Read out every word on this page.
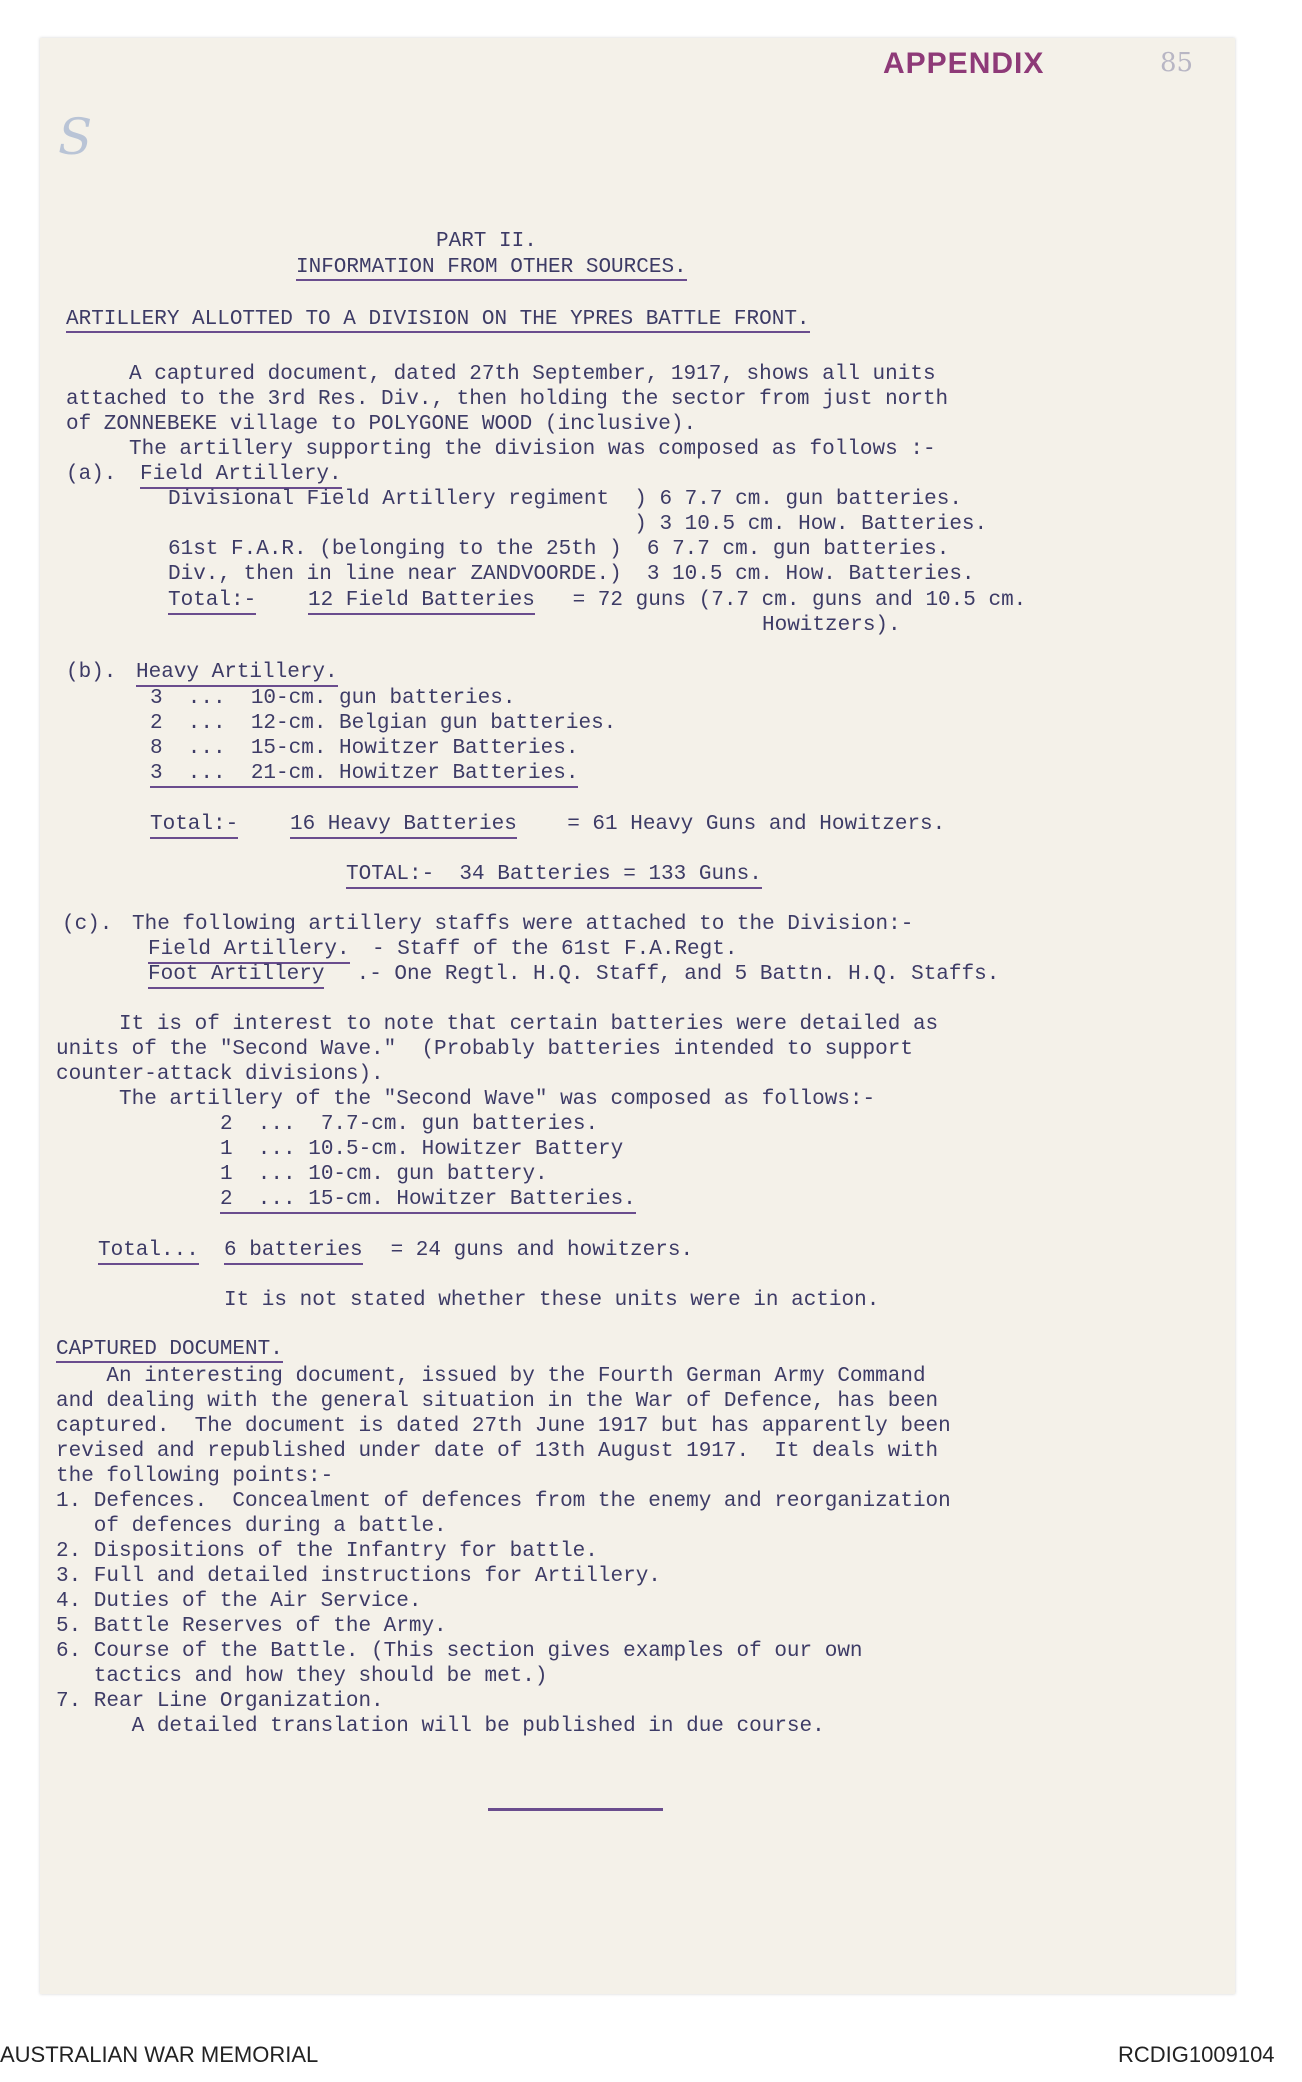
S
APPENDIX	85
PART II.
INFORMATION FROM OTHER SOURCES.
ARTILLERY ALLOTTED TO A DIVISION ON THE YPRES BATTLE FRONT.
A captured document, dated 27th September, 1917, shows all units
attached to the 3rd Res. Div., then holding the sector from just north
of ZONNEBEKE village to POLYGONE WOOD (inclusive).
The artillery supporting the division was composed as follows :-
(a). Field Artillery.
Divisional Field Artillery regiment  ) 6 7.7 cm. gun batteries.
) 3 10.5 cm. How. Batteries.
61st F.A.R. (belonging to the 25th )  6 7.7 cm. gun batteries.
Div., then in line near ZANDVOORDE.)  3 10.5 cm. How. Batteries.
Total:- 12 Field Batteries = 72 guns (7.7 cm. guns and 10.5 cm.
Howitzers).
(b). Heavy Artillery.
3  ...  10-cm. gun batteries.
2  ...  12-cm. Belgian gun batteries.
8  ...  15-cm. Howitzer Batteries.
3  ...  21-cm. Howitzer Batteries.
Total:- 16 Heavy Batteries = 61 Heavy Guns and Howitzers.
TOTAL:-  34 Batteries = 133 Guns.
(c). The following artillery staffs were attached to the Division:-
Field Artillery. - Staff of the 61st F.A.Regt.
Foot Artillery .- One Regtl. H.Q. Staff, and 5 Battn. H.Q. Staffs.
It is of interest to note that certain batteries were detailed as
units of the "Second Wave."  (Probably batteries intended to support
counter-attack divisions).
The artillery of the "Second Wave" was composed as follows:-
2  ...  7.7-cm. gun batteries.
1  ... 10.5-cm. Howitzer Battery
1  ... 10-cm. gun battery.
2  ... 15-cm. Howitzer Batteries.
Total... 6 batteries = 24 guns and howitzers.
It is not stated whether these units were in action.
CAPTURED DOCUMENT.
An interesting document, issued by the Fourth German Army Command
and dealing with the general situation in the War of Defence, has been
captured.  The document is dated 27th June 1917 but has apparently been
revised and republished under date of 13th August 1917.  It deals with
the following points:-
1. Defences.  Concealment of defences from the enemy and reorganization
of defences during a battle.
2. Dispositions of the Infantry for battle.
3. Full and detailed instructions for Artillery.
4. Duties of the Air Service.
5. Battle Reserves of the Army.
6. Course of the Battle. (This section gives examples of our own
tactics and how they should be met.)
7. Rear Line Organization.
A detailed translation will be published in due course.
AUSTRALIAN WAR MEMORIAL	RCDIG1009104
